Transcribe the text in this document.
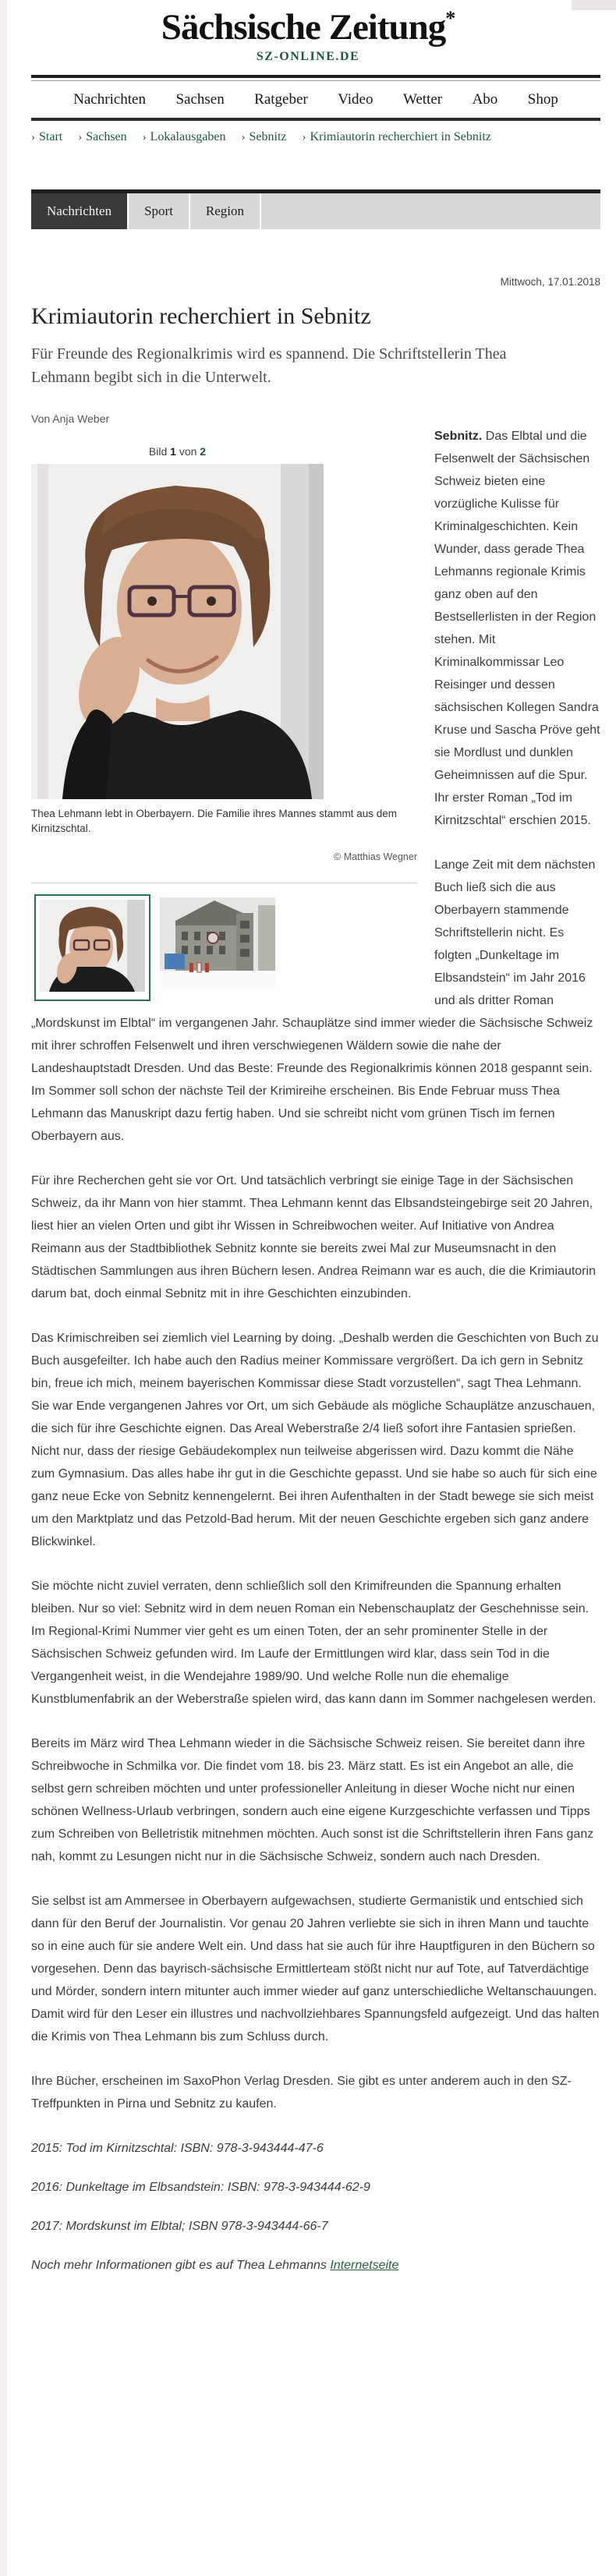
Sächsische Zeitung*
SZ-ONLINE.DE
Nachrichten Sachsen Ratgeber Video Wetter Abo Shop
› Start › Sachsen › Lokalausgaben › Sebnitz › Krimiautorin recherchiert in Sebnitz
Nachrichten	Sport	Region
Mittwoch, 17.01.2018
Krimiautorin recherchiert in Sebnitz
Für Freunde des Regionalkrimis wird es spannend. Die Schriftstellerin Thea Lehmann begibt sich in die Unterwelt.
Von Anja Weber
Bild 1 von 2
Thea Lehmann lebt in Oberbayern. Die Familie ihres Mannes stammt aus dem Kirnitzschtal.
© Matthias Wegner

Sebnitz. Das Elbtal und die Felsenwelt der Sächsischen Schweiz bieten eine vorzügliche Kulisse für Kriminalgeschichten. Kein Wunder, dass gerade Thea Lehmanns regionale Krimis ganz oben auf den Bestsellerlisten in der Region stehen. Mit Kriminalkommissar Leo Reisinger und dessen sächsischen Kollegen Sandra Kruse und Sascha Pröve geht sie Mordlust und dunklen Geheimnissen auf die Spur. Ihr erster Roman „Tod im Kirnitzschtal“ erschien 2015.

Lange Zeit mit dem nächsten Buch ließ sich die aus Oberbayern stammende Schriftstellerin nicht. Es folgten „Dunkeltage im Elbsandstein“ im Jahr 2016 und als dritter Roman „Mordskunst im Elbtal“ im vergangenen Jahr. Schauplätze sind immer wieder die Sächsische Schweiz mit ihrer schroffen Felsenwelt und ihren verschwiegenen Wäldern sowie die nahe der Landeshauptstadt Dresden. Und das Beste: Freunde des Regionalkrimis können 2018 gespannt sein. Im Sommer soll schon der nächste Teil der Krimireihe erscheinen. Bis Ende Februar muss Thea Lehmann das Manuskript dazu fertig haben. Und sie schreibt nicht vom grünen Tisch im fernen Oberbayern aus.

Für ihre Recherchen geht sie vor Ort. Und tatsächlich verbringt sie einige Tage in der Sächsischen Schweiz, da ihr Mann von hier stammt. Thea Lehmann kennt das Elbsandsteingebirge seit 20 Jahren, liest hier an vielen Orten und gibt ihr Wissen in Schreibwochen weiter. Auf Initiative von Andrea Reimann aus der Stadtbibliothek Sebnitz konnte sie bereits zwei Mal zur Museumsnacht in den Städtischen Sammlungen aus ihren Büchern lesen. Andrea Reimann war es auch, die die Krimiautorin darum bat, doch einmal Sebnitz mit in ihre Geschichten einzubinden.

Das Krimischreiben sei ziemlich viel Learning by doing. „Deshalb werden die Geschichten von Buch zu Buch ausgefeilter. Ich habe auch den Radius meiner Kommissare vergrößert. Da ich gern in Sebnitz bin, freue ich mich, meinem bayerischen Kommissar diese Stadt vorzustellen“, sagt Thea Lehmann. Sie war Ende vergangenen Jahres vor Ort, um sich Gebäude als mögliche Schauplätze anzuschauen, die sich für ihre Geschichte eignen. Das Areal Weberstraße 2/4 ließ sofort ihre Fantasien sprießen. Nicht nur, dass der riesige Gebäudekomplex nun teilweise abgerissen wird. Dazu kommt die Nähe zum Gymnasium. Das alles habe ihr gut in die Geschichte gepasst. Und sie habe so auch für sich eine ganz neue Ecke von Sebnitz kennengelernt. Bei ihren Aufenthalten in der Stadt bewege sie sich meist um den Marktplatz und das Petzold-Bad herum. Mit der neuen Geschichte ergeben sich ganz andere Blickwinkel.

Sie möchte nicht zuviel verraten, denn schließlich soll den Krimifreunden die Spannung erhalten bleiben. Nur so viel: Sebnitz wird in dem neuen Roman ein Nebenschauplatz der Geschehnisse sein. Im Regional-Krimi Nummer vier geht es um einen Toten, der an sehr prominenter Stelle in der Sächsischen Schweiz gefunden wird. Im Laufe der Ermittlungen wird klar, dass sein Tod in die Vergangenheit weist, in die Wendejahre 1989/90. Und welche Rolle nun die ehemalige Kunstblumenfabrik an der Weberstraße spielen wird, das kann dann im Sommer nachgelesen werden.

Bereits im März wird Thea Lehmann wieder in die Sächsische Schweiz reisen. Sie bereitet dann ihre Schreibwoche in Schmilka vor. Die findet vom 18. bis 23. März statt. Es ist ein Angebot an alle, die selbst gern schreiben möchten und unter professioneller Anleitung in dieser Woche nicht nur einen schönen Wellness-Urlaub verbringen, sondern auch eine eigene Kurzgeschichte verfassen und Tipps zum Schreiben von Belletristik mitnehmen möchten. Auch sonst ist die Schriftstellerin ihren Fans ganz nah, kommt zu Lesungen nicht nur in die Sächsische Schweiz, sondern auch nach Dresden.

Sie selbst ist am Ammersee in Oberbayern aufgewachsen, studierte Germanistik und entschied sich dann für den Beruf der Journalistin. Vor genau 20 Jahren verliebte sie sich in ihren Mann und tauchte so in eine auch für sie andere Welt ein. Und dass hat sie auch für ihre Hauptfiguren in den Büchern so vorgesehen. Denn das bayrisch-sächsische Ermittlerteam stößt nicht nur auf Tote, auf Tatverdächtige und Mörder, sondern intern mitunter auch immer wieder auf ganz unterschiedliche Weltanschauungen. Damit wird für den Leser ein illustres und nachvollziehbares Spannungsfeld aufgezeigt. Und das halten die Krimis von Thea Lehmann bis zum Schluss durch.

Ihre Bücher, erscheinen im SaxoPhon Verlag Dresden. Sie gibt es unter anderem auch in den SZ-Treffpunkten in Pirna und Sebnitz zu kaufen.

2015: Tod im Kirnitzschtal: ISBN: 978-3-943444-47-6

2016: Dunkeltage im Elbsandstein: ISBN: 978-3-943444-62-9

2017: Mordskunst im Elbtal; ISBN 978-3-943444-66-7

Noch mehr Informationen gibt es auf Thea Lehmanns Internetseite
